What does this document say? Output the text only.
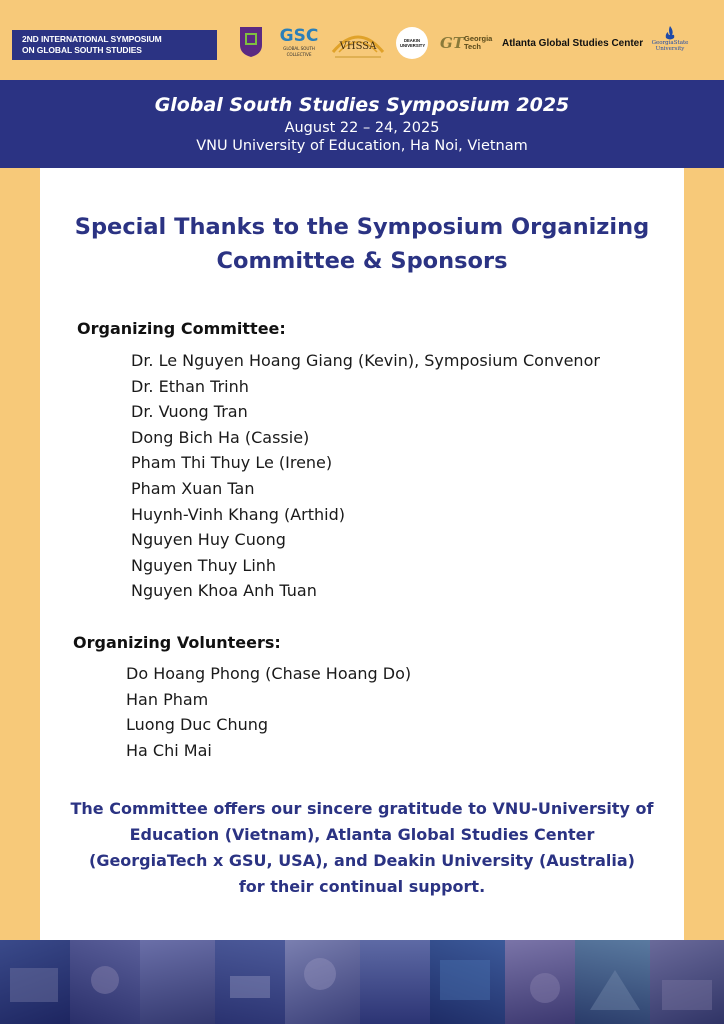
2ND INTERNATIONAL SYMPOSIUM
ON GLOBAL SOUTH STUDIES
GSC
GLOBAL SOUTH COLLECTIVE
VHSSA
DEAKIN UNIVERSITY GT Georgia
Tech	Atlanta Global Studies Center GeorgiaState
University
Global South Studies Symposium 2025
August 22 – 24, 2025
VNU University of Education, Ha Noi, Vietnam
Special Thanks to the Symposium Organizing
Committee & Sponsors
Organizing Committee:
Dr. Le Nguyen Hoang Giang (Kevin), Symposium Convenor
Dr. Ethan Trinh
Dr. Vuong Tran
Dong Bich Ha (Cassie)
Pham Thi Thuy Le (Irene)
Pham Xuan Tan
Huynh-Vinh Khang (Arthid)
Nguyen Huy Cuong
Nguyen Thuy Linh
Nguyen Khoa Anh Tuan
Organizing Volunteers:
Do Hoang Phong (Chase Hoang Do)
Han Pham
Luong Duc Chung
Ha Chi Mai
The Committee offers our sincere gratitude to VNU-University of
Education (Vietnam), Atlanta Global Studies Center
(GeorgiaTech x GSU, USA), and Deakin University (Australia)
for their continual support.
